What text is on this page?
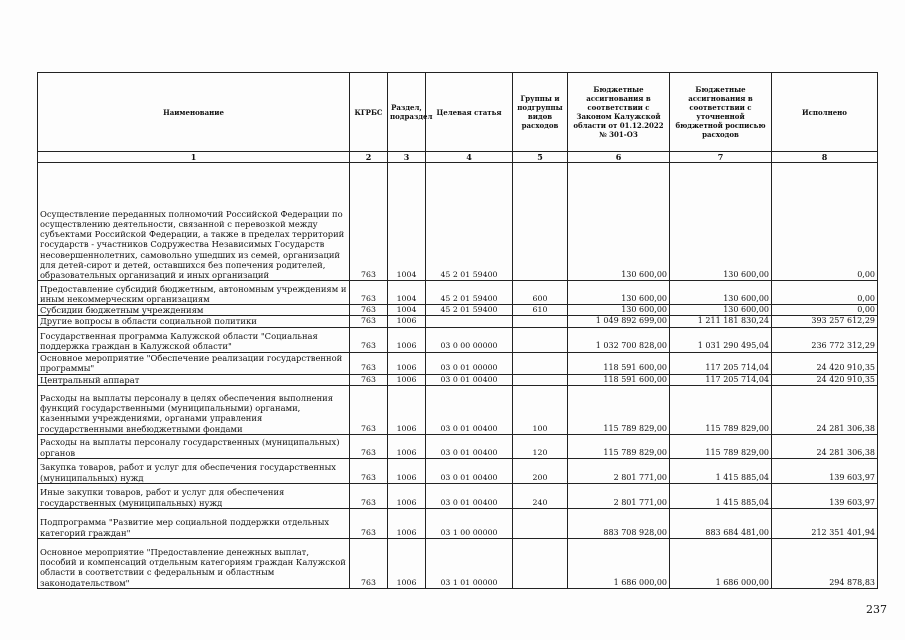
Наименование	КГРБС	Раздел, подраздел	Целевая статья	Группы и подгруппы видов расходов	Бюджетные ассигнования в соответствии с Законом Калужской области от 01.12.2022 № 301-ОЗ	Бюджетные ассигнования в соответствии с уточненной бюджетной росписью расходов	Исполнено
1	2	3	4	5	6	7	8
Осуществление переданных полномочий Российской Федерации по осуществлению деятельности, связанной с перевозкой между субъектами Российской Федерации, а также в пределах территорий государств - участников Содружества Независимых Государств несовершеннолетних, самовольно ушедших из семей, организаций для детей-сирот и детей, оставшихся без попечения родителей, образовательных организаций и иных организаций	763	1004	45 2 01 59400		130 600,00	130 600,00	0,00
Предоставление субсидий бюджетным, автономным учреждениям и иным некоммерческим организациям	763	1004	45 2 01 59400	600	130 600,00	130 600,00	0,00
Субсидии бюджетным учреждениям	763	1004	45 2 01 59400	610	130 600,00	130 600,00	0,00
Другие вопросы в области социальной политики	763	1006			1 049 892 699,00	1 211 181 830,24	393 257 612,29
Государственная программа Калужской области "Социальная поддержка граждан в Калужской области"	763	1006	03 0 00 00000		1 032 700 828,00	1 031 290 495,04	236 772 312,29
Основное мероприятие "Обеспечение реализации государственной программы"	763	1006	03 0 01 00000		118 591 600,00	117 205 714,04	24 420 910,35
Центральный аппарат	763	1006	03 0 01 00400		118 591 600,00	117 205 714,04	24 420 910,35
Расходы на выплаты персоналу в целях обеспечения выполнения функций государственными (муниципальными) органами, казенными учреждениями, органами управления государственными внебюджетными фондами	763	1006	03 0 01 00400	100	115 789 829,00	115 789 829,00	24 281 306,38
Расходы на выплаты персоналу государственных (муниципальных) органов	763	1006	03 0 01 00400	120	115 789 829,00	115 789 829,00	24 281 306,38
Закупка товаров, работ и услуг для обеспечения государственных (муниципальных) нужд	763	1006	03 0 01 00400	200	2 801 771,00	1 415 885,04	139 603,97
Иные закупки товаров, работ и услуг для обеспечения государственных (муниципальных) нужд	763	1006	03 0 01 00400	240	2 801 771,00	1 415 885,04	139 603,97
Подпрограмма "Развитие мер социальной поддержки отдельных категорий граждан"	763	1006	03 1 00 00000		883 708 928,00	883 684 481,00	212 351 401,94
Основное мероприятие "Предоставление денежных выплат, пособий и компенсаций отдельным категориям граждан Калужской области в соответствии с федеральным и областным законодательством"	763	1006	03 1 01 00000		1 686 000,00	1 686 000,00	294 878,83
237
